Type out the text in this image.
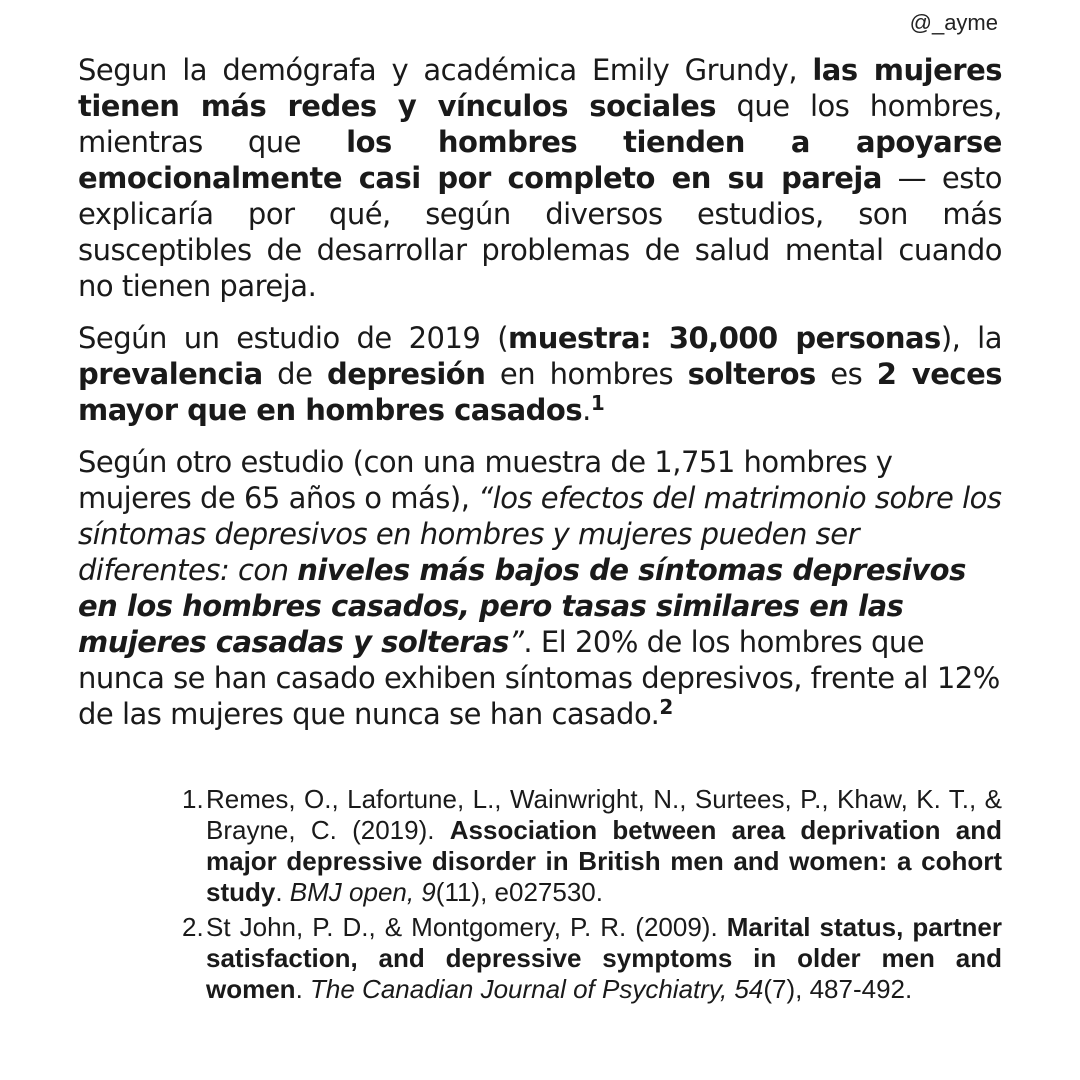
@_ayme

Segun la demógrafa y académica Emily Grundy, las mujeres tienen más redes y vínculos sociales que los hombres, mientras que los hombres tienden a apoyarse emocionalmente casi por completo en su pareja — esto explicaría por qué, según diversos estudios, son más susceptibles de desarrollar problemas de salud mental cuando no tienen pareja.

Según un estudio de 2019 (muestra: 30,000 personas), la prevalencia de depresión en hombres solteros es 2 veces mayor que en hombres casados.$^1$

Según otro estudio (con una muestra de 1,751 hombres y mujeres de 65 años o más), “los efectos del matrimonio sobre los síntomas depresivos en hombres y mujeres pueden ser diferentes: con niveles más bajos de síntomas depresivos en los hombres casados, pero tasas similares en las mujeres casadas y solteras”. El 20% de los hombres que nunca se han casado exhiben síntomas depresivos, frente al 12% de las mujeres que nunca se han casado.$^2$

1. Remes, O., Lafortune, L., Wainwright, N., Surtees, P., Khaw, K. T., & Brayne, C. (2019). Association between area deprivation and major depressive disorder in British men and women: a cohort study. BMJ open, 9(11), e027530.
2. St John, P. D., & Montgomery, P. R. (2009). Marital status, partner satisfaction, and depressive symptoms in older men and women. The Canadian Journal of Psychiatry, 54(7), 487-492.
